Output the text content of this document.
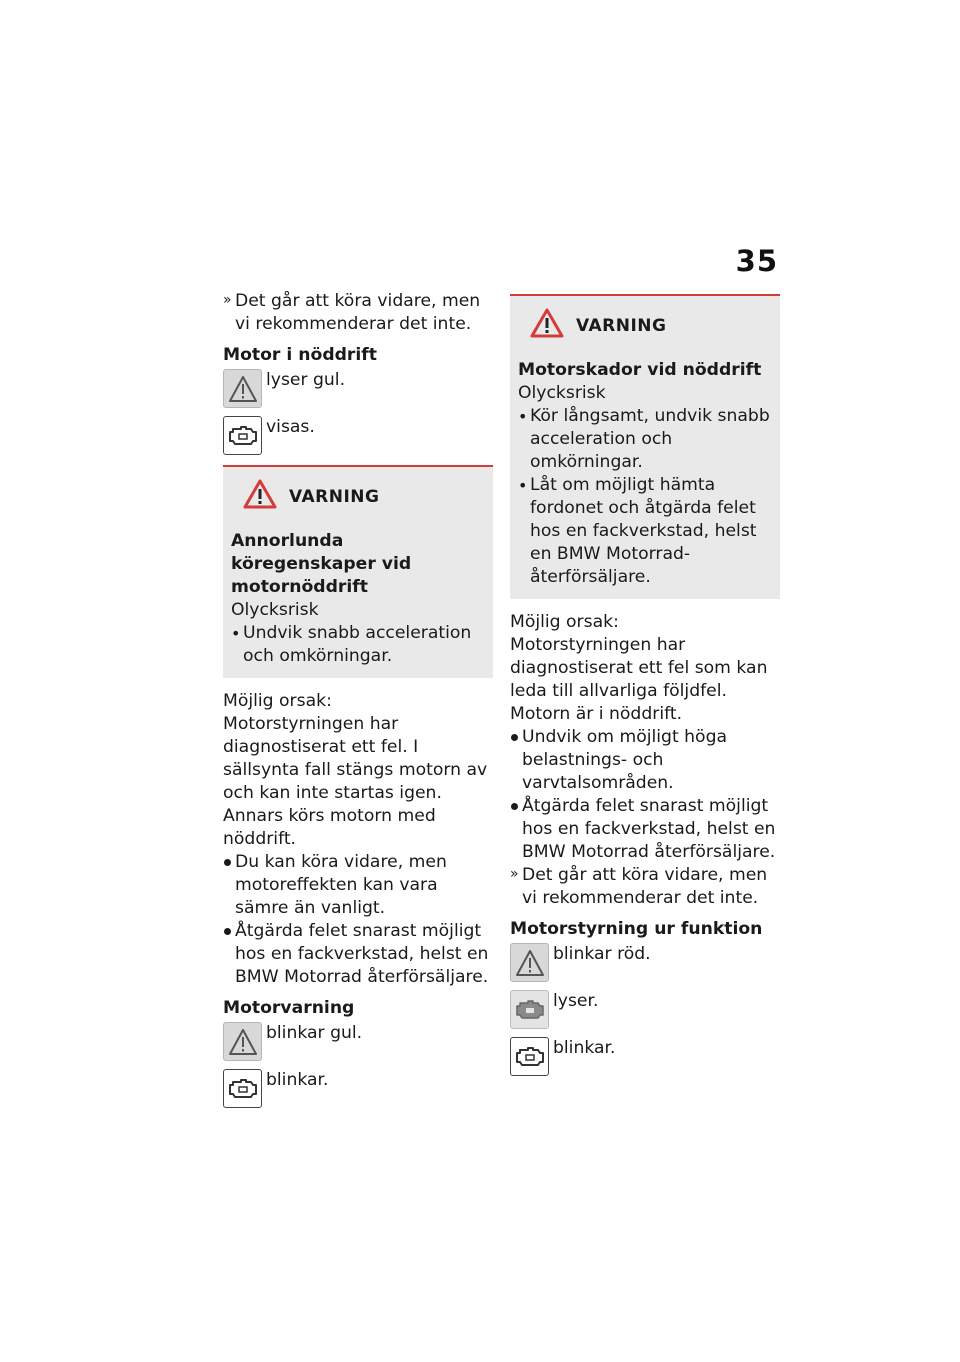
35

» Det går att köra vidare, men vi rekommenderar det inte.

Motor i nöddrift

lyser gul.
visas.
VARNING

Annorlunda köregenskaper vid motornöddrift

Olycksrisk

• Undvik snabb acceleration och omkörningar.

Möjlig orsak:

Motorstyrningen har diagnostiserat ett fel. I sällsynta fall stängs motorn av och kan inte startas igen. Annars körs motorn med nöddrift.

Du kan köra vidare, men motoreffekten kan vara sämre än vanligt.

Åtgärda felet snarast möjligt hos en fackverkstad, helst en BMW Motorrad återförsäljare.

Motorvarning

blinkar gul.
blinkar.
VARNING

Motorskador vid nöddrift

Olycksrisk

• Kör långsamt, undvik snabb acceleration och omkörningar.

• Låt om möjligt hämta fordonet och åtgärda felet hos en fackverkstad, helst en BMW Motorrad-återförsäljare.

Möjlig orsak:

Motorstyrningen har diagnostiserat ett fel som kan leda till allvarliga följdfel. Motorn är i nöddrift.

Undvik om möjligt höga belastnings- och varvtalsområden.

Åtgärda felet snarast möjligt hos en fackverkstad, helst en BMW Motorrad återförsäljare.

» Det går att köra vidare, men vi rekommenderar det inte.

Motorstyrning ur funktion

blinkar röd.
lyser.
blinkar.
